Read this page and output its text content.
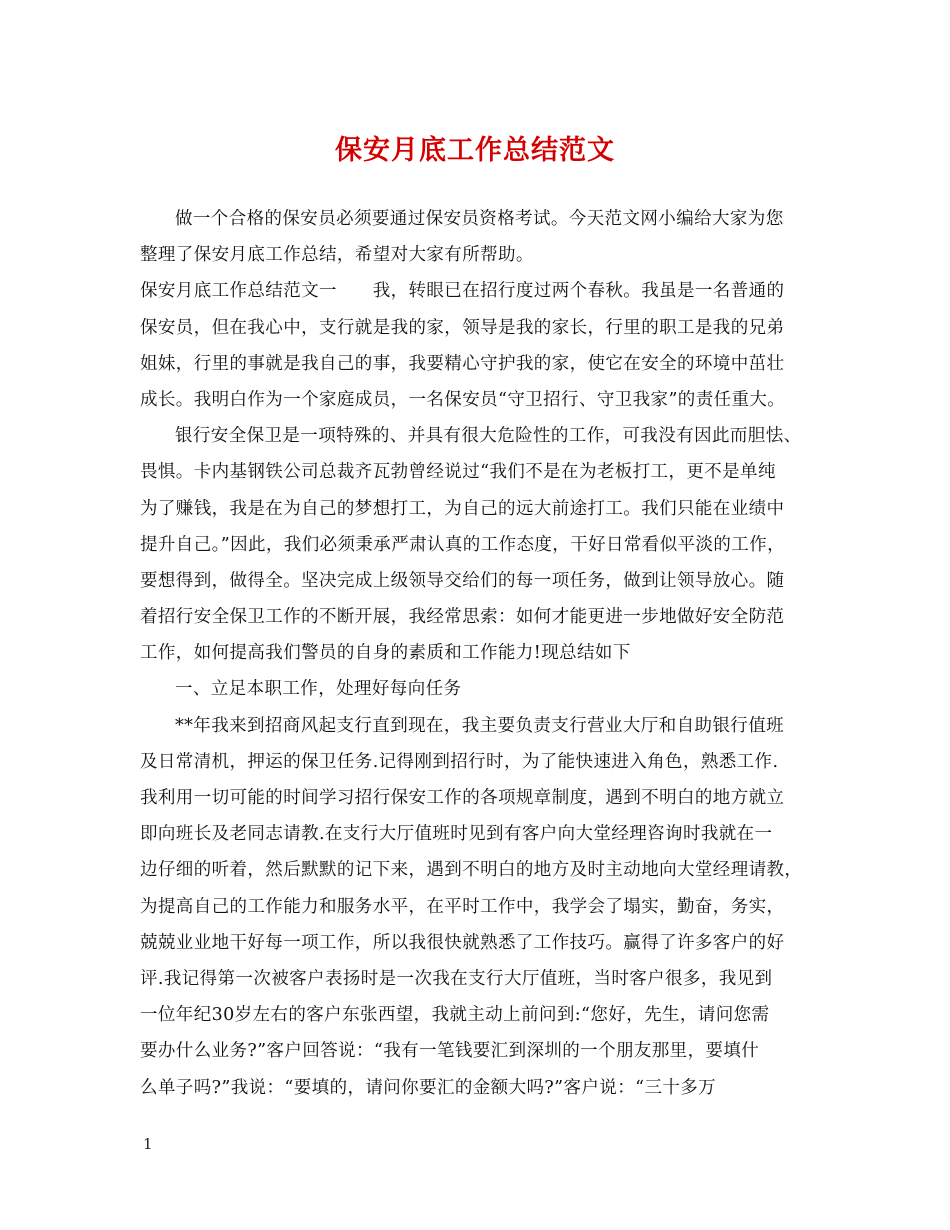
保安月底工作总结范文
做一个合格的保安员必须要通过保安员资格考试。今天范文网小编给大家为您
整理了保安月底工作总结，希望对大家有所帮助。
保安月底工作总结范文一　　我，转眼已在招行度过两个春秋。我虽是一名普通的
保安员，但在我心中，支行就是我的家，领导是我的家长，行里的职工是我的兄弟
姐妹，行里的事就是我自己的事，我要精心守护我的家，使它在安全的环境中茁壮
成长。我明白作为一个家庭成员，一名保安员“守卫招行、守卫我家”的责任重大。
银行安全保卫是一项特殊的、并具有很大危险性的工作，可我没有因此而胆怯、
畏惧。卡内基钢铁公司总裁齐瓦勃曾经说过“我们不是在为老板打工，更不是单纯
为了赚钱，我是在为自己的梦想打工，为自己的远大前途打工。我们只能在业绩中
提升自己。”因此，我们必须秉承严肃认真的工作态度，干好日常看似平淡的工作，
要想得到，做得全。坚决完成上级领导交给们的每一项任务，做到让领导放心。随
着招行安全保卫工作的不断开展，我经常思索：如何才能更进一步地做好安全防范
工作，如何提高我们警员的自身的素质和工作能力!现总结如下
一、立足本职工作，处理好每向任务
**年我来到招商风起支行直到现在，我主要负责支行营业大厅和自助银行值班
及日常清机，押运的保卫任务.记得刚到招行时，为了能快速进入角色，熟悉工作.
我利用一切可能的时间学习招行保安工作的各项规章制度，遇到不明白的地方就立
即向班长及老同志请教.在支行大厅值班时见到有客户向大堂经理咨询时我就在一
边仔细的听着，然后默默的记下来，遇到不明白的地方及时主动地向大堂经理请教，
为提高自己的工作能力和服务水平，在平时工作中，我学会了塌实，勤奋，务实，
兢兢业业地干好每一项工作，所以我很快就熟悉了工作技巧。赢得了许多客户的好
评.我记得第一次被客户表扬时是一次我在支行大厅值班，当时客户很多，我见到
一位年纪30岁左右的客户东张西望，我就主动上前问到:“您好，先生，请问您需
要办什么业务?”客户回答说：“我有一笔钱要汇到深圳的一个朋友那里，要填什
么单子吗?”我说：“要填的，请问你要汇的金额大吗?”客户说：“三十多万
1
